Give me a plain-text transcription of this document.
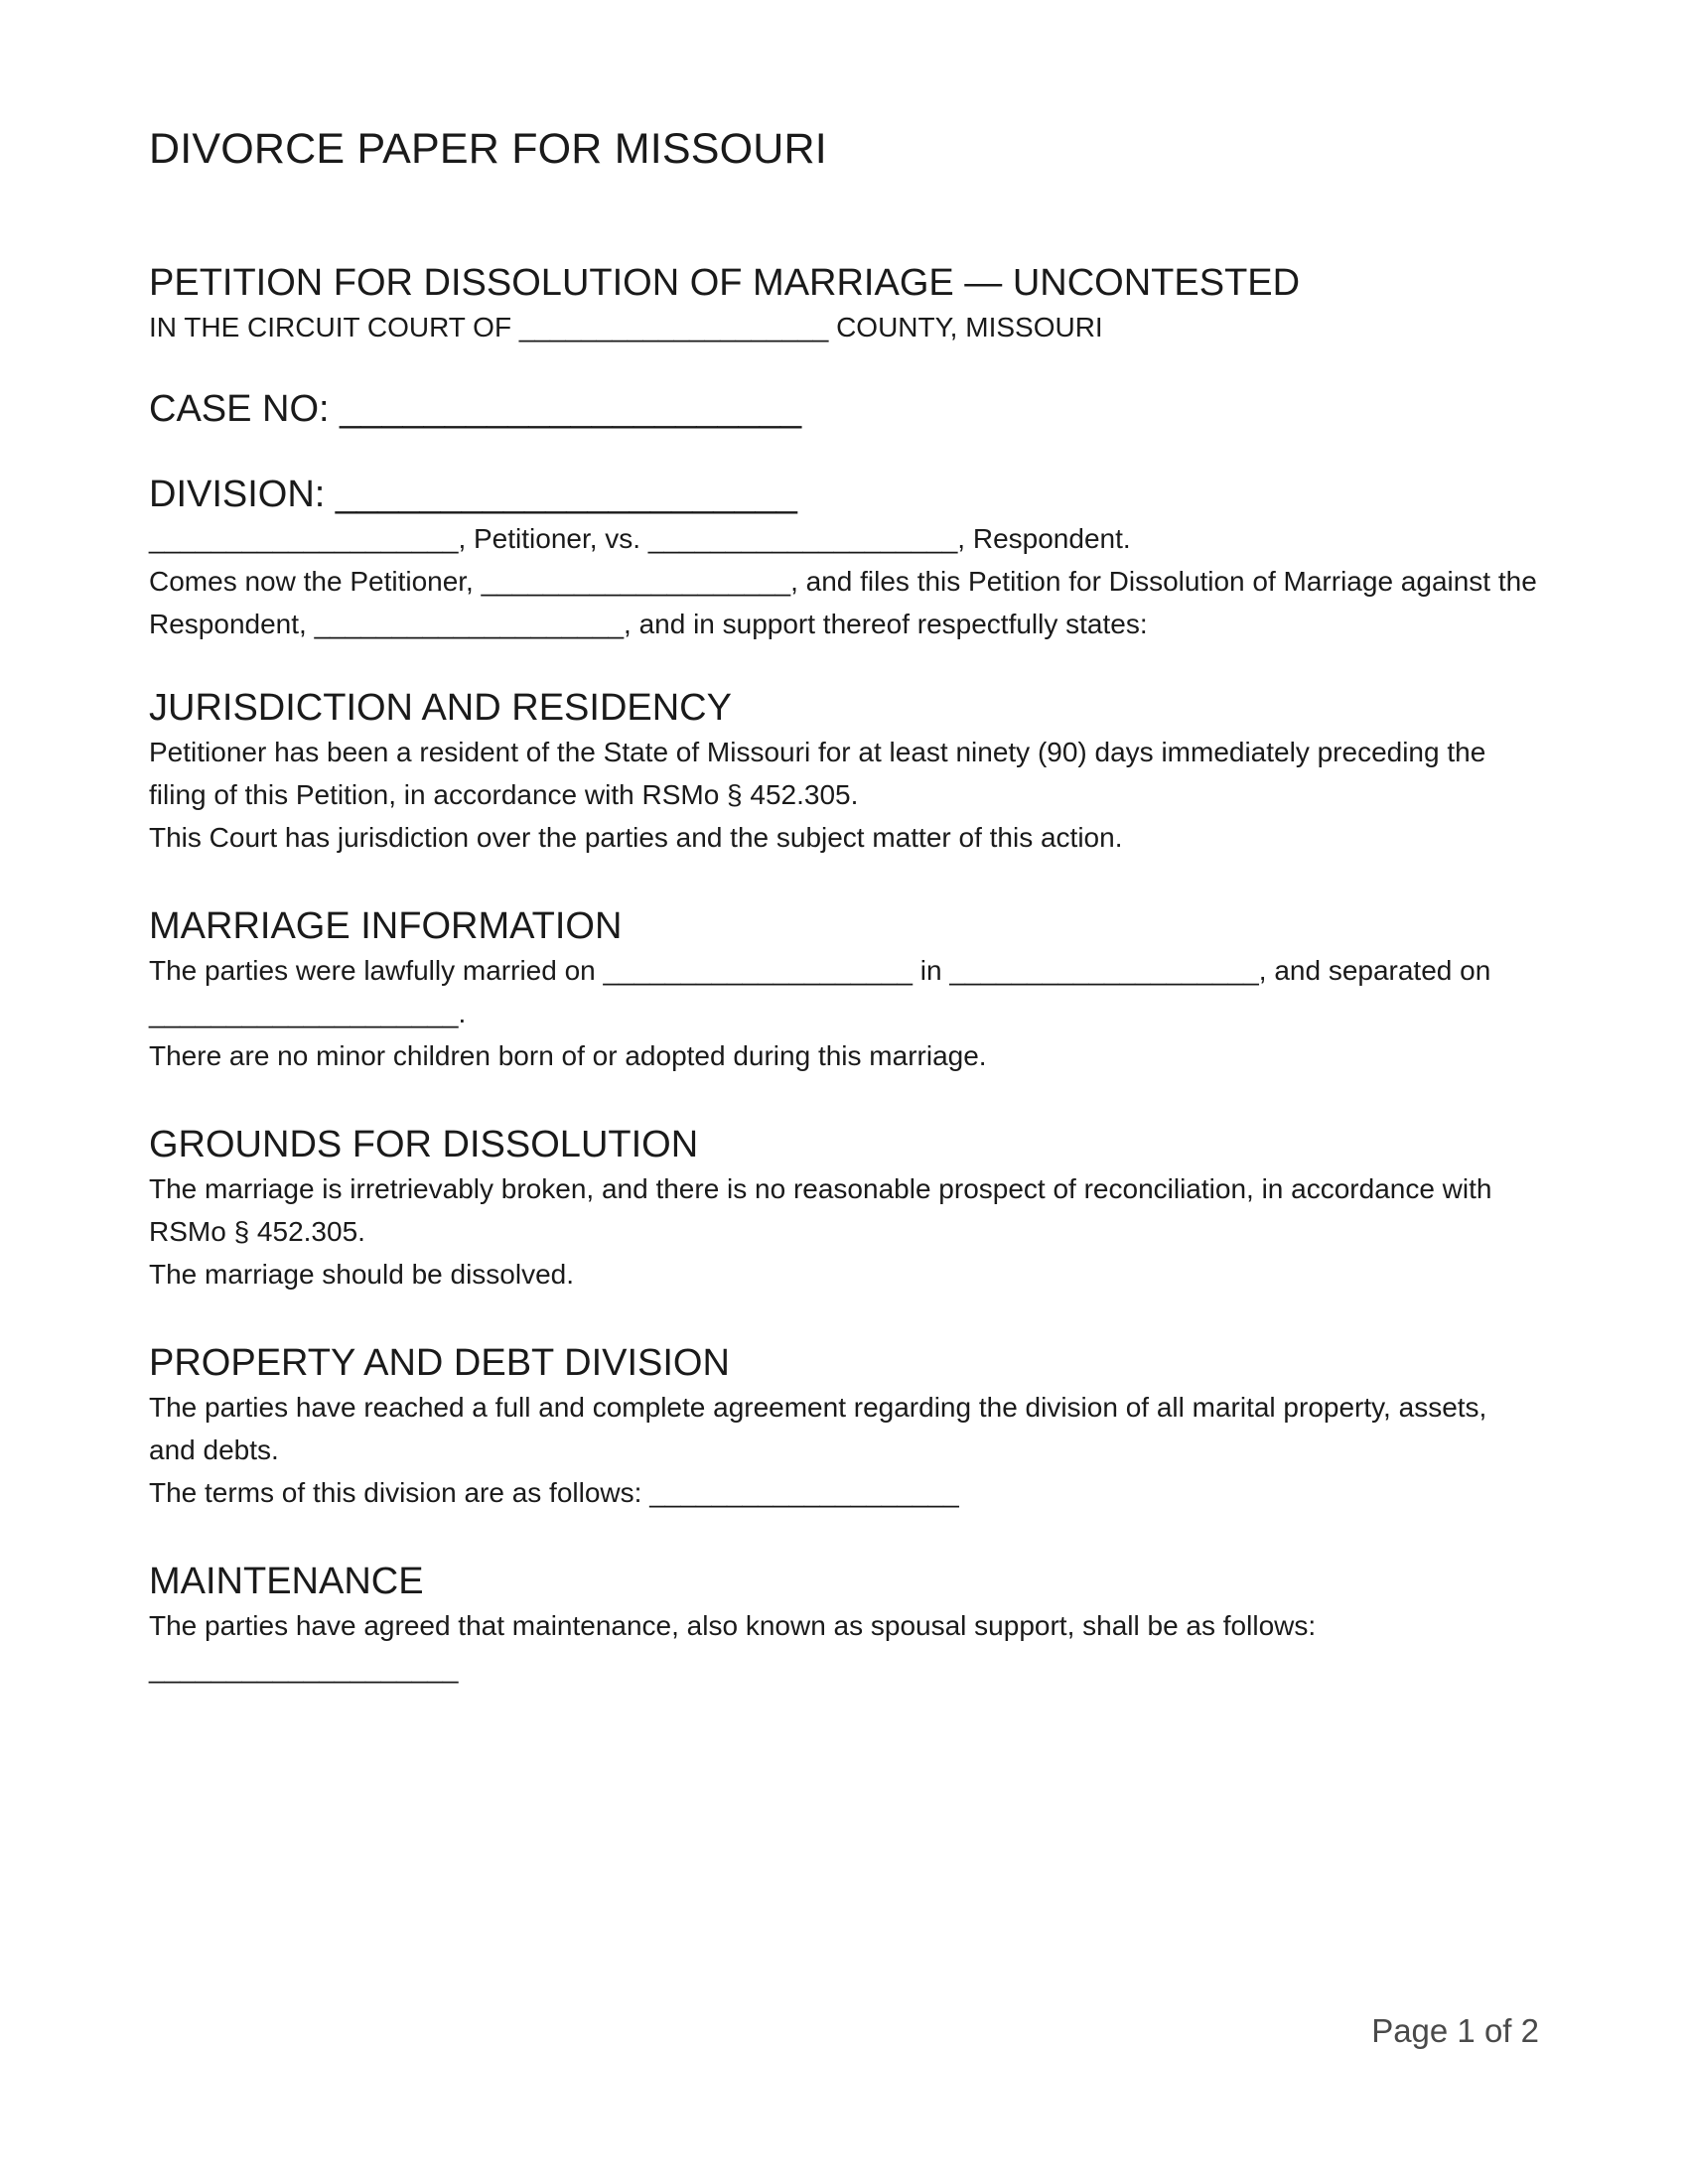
DIVORCE PAPER FOR MISSOURI
PETITION FOR DISSOLUTION OF MARRIAGE — UNCONTESTED

IN THE CIRCUIT COURT OF ____________________ COUNTY, MISSOURI

CASE NO: ______________________
DIVISION: ______________________

____________________, Petitioner, vs. ____________________, Respondent.

Comes now the Petitioner, ____________________, and files this Petition for Dissolution of Marriage against the Respondent, ____________________, and in support thereof respectfully states:

JURISDICTION AND RESIDENCY

Petitioner has been a resident of the State of Missouri for at least ninety (90) days immediately preceding the filing of this Petition, in accordance with RSMo § 452.305.

This Court has jurisdiction over the parties and the subject matter of this action.

MARRIAGE INFORMATION

The parties were lawfully married on ____________________ in ____________________, and separated on ____________________.

There are no minor children born of or adopted during this marriage.

GROUNDS FOR DISSOLUTION

The marriage is irretrievably broken, and there is no reasonable prospect of reconciliation, in accordance with RSMo § 452.305.

The marriage should be dissolved.

PROPERTY AND DEBT DIVISION

The parties have reached a full and complete agreement regarding the division of all marital property, assets, and debts.

The terms of this division are as follows: ____________________

MAINTENANCE

The parties have agreed that maintenance, also known as spousal support, shall be as follows: ____________________

Page 1 of 2
